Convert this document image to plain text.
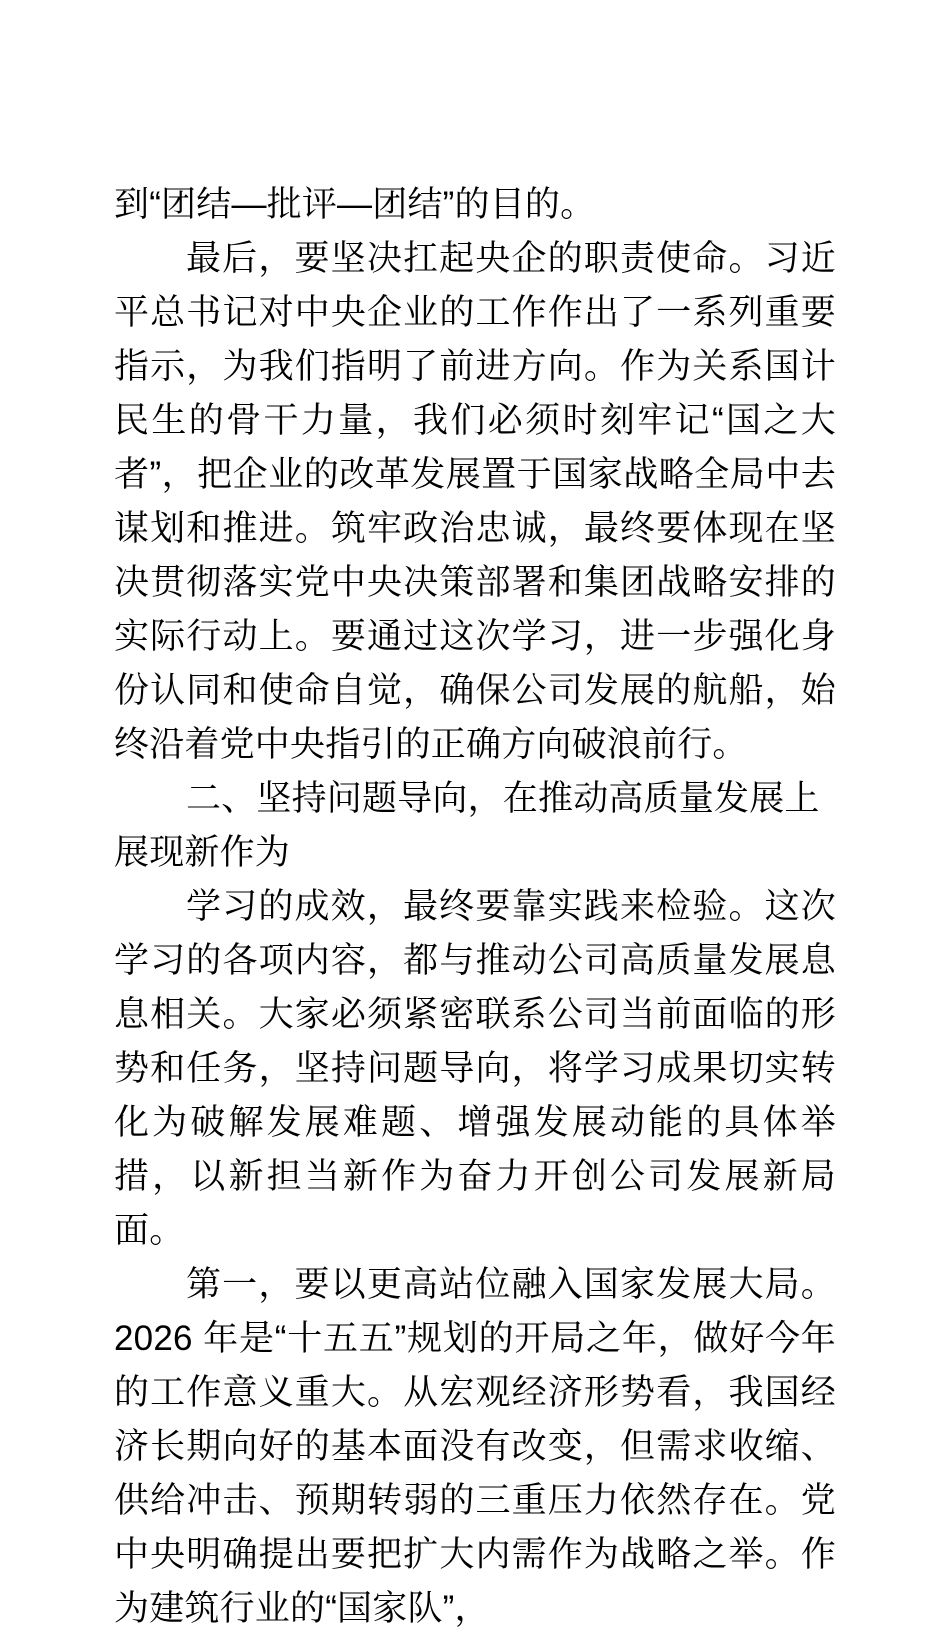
到“团结—批评—团结”的目的。

最后，要坚决扛起央企的职责使命。习近平总书记对中央企业的工作作出了一系列重要指示，为我们指明了前进方向。作为关系国计民生的骨干力量，我们必须时刻牢记“国之大者”，把企业的改革发展置于国家战略全局中去谋划和推进。筑牢政治忠诚，最终要体现在坚决贯彻落实党中央决策部署和集团战略安排的实际行动上。要通过这次学习，进一步强化身份认同和使命自觉，确保公司发展的航船，始终沿着党中央指引的正确方向破浪前行。

二、坚持问题导向，在推动高质量发展上展现新作为

学习的成效，最终要靠实践来检验。这次学习的各项内容，都与推动公司高质量发展息息相关。大家必须紧密联系公司当前面临的形势和任务，坚持问题导向，将学习成果切实转化为破解发展难题、增强发展动能的具体举措，以新担当新作为奋力开创公司发展新局面。

第一，要以更高站位融入国家发展大局。2026 年是“十五五”规划的开局之年，做好今年的工作意义重大。从宏观经济形势看，我国经济长期向好的基本面没有改变，但需求收缩、供给冲击、预期转弱的三重压力依然存在。党中央明确提出要把扩大内需作为战略之举。作为建筑行业的“国家队”，
